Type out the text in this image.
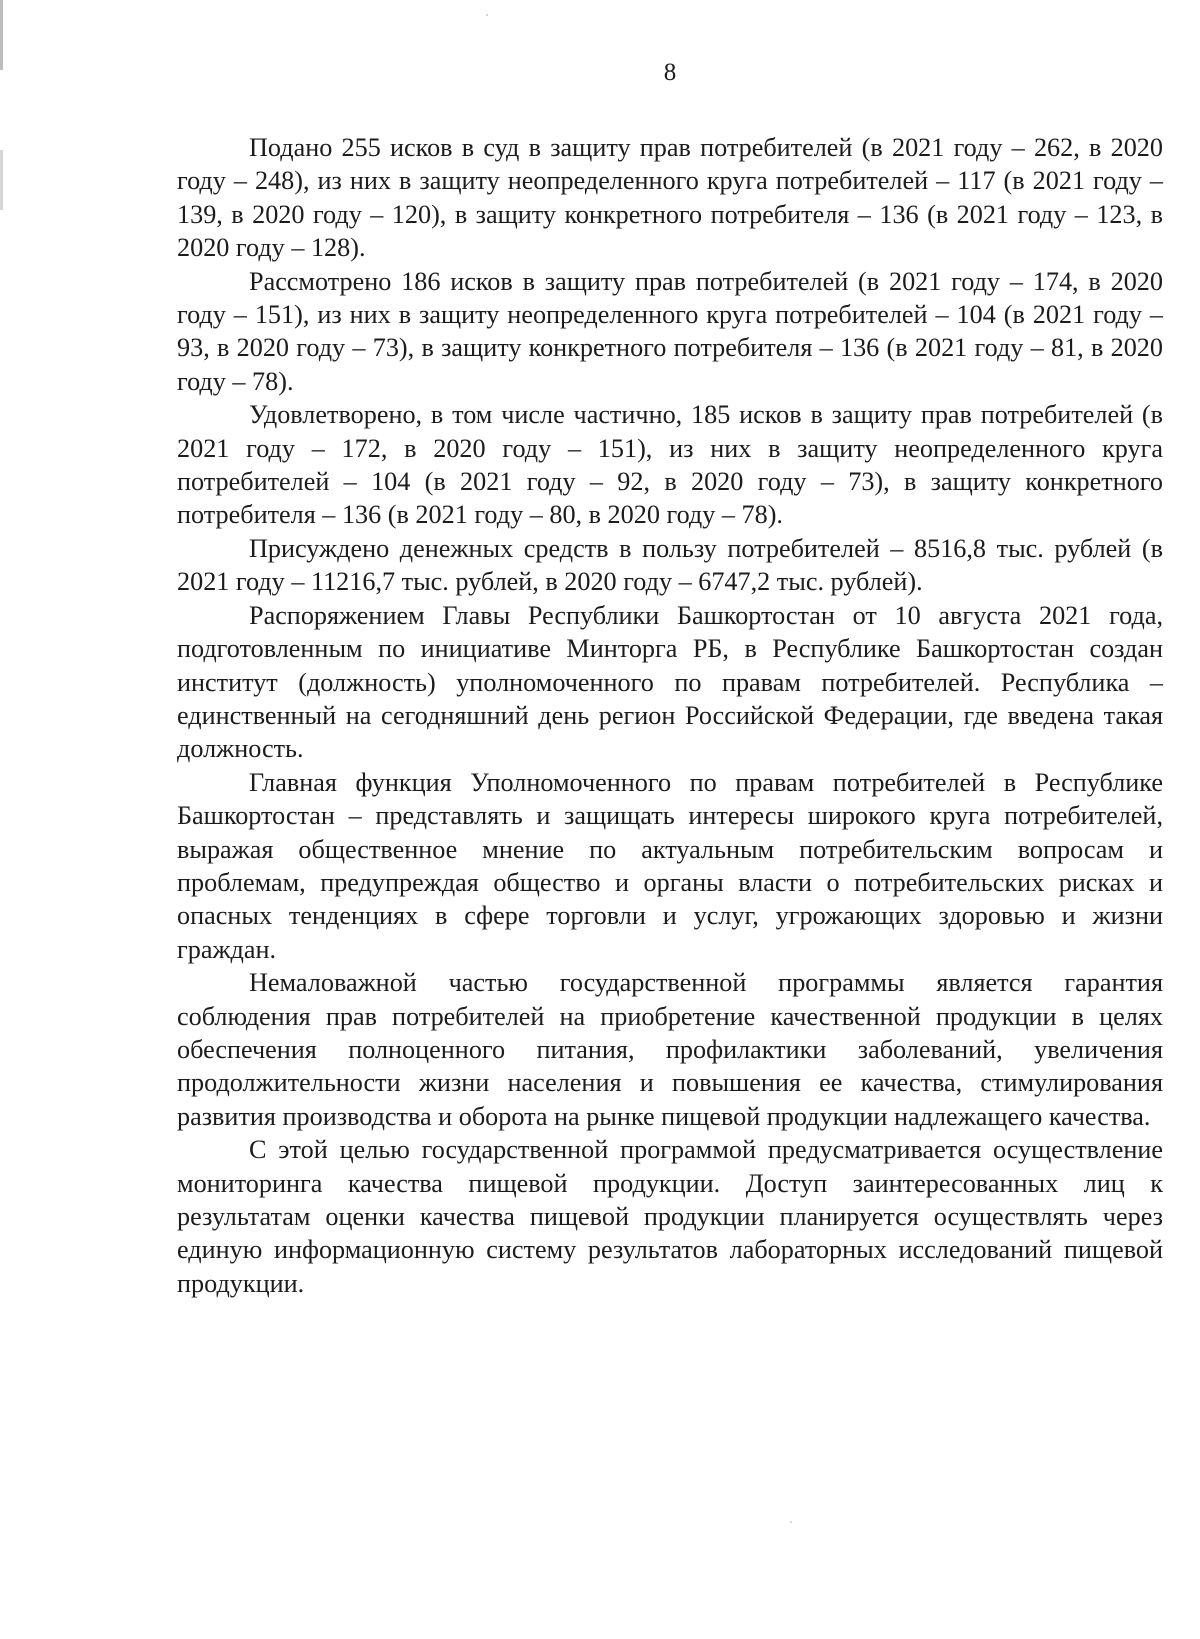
8

Подано 255 исков в суд в защиту прав потребителей (в 2021 году – 262, в 2020 году – 248), из них в защиту неопределенного круга потребителей – 117 (в 2021 году – 139, в 2020 году – 120), в защиту конкретного потребителя – 136 (в 2021 году – 123, в 2020 году – 128).

Рассмотрено 186 исков в защиту прав потребителей (в 2021 году – 174, в 2020 году – 151), из них в защиту неопределенного круга потребителей – 104 (в 2021 году – 93, в 2020 году – 73), в защиту конкретного потребителя – 136 (в 2021 году – 81, в 2020 году – 78).

Удовлетворено, в том числе частично, 185 исков в защиту прав потребителей (в 2021 году – 172, в 2020 году – 151), из них в защиту неопределенного круга потребителей – 104 (в 2021 году – 92, в 2020 году – 73), в защиту конкретного потребителя – 136 (в 2021 году – 80, в 2020 году – 78).

Присуждено денежных средств в пользу потребителей – 8516,8 тыс. рублей (в 2021 году – 11216,7 тыс. рублей, в 2020 году – 6747,2 тыс. рублей).

Распоряжением Главы Республики Башкортостан от 10 августа 2021 года, подготовленным по инициативе Минторга РБ, в Республике Башкортостан создан институт (должность) уполномоченного по правам потребителей. Республика – единственный на сегодняшний день регион Российской Федерации, где введена такая должность.

Главная функция Уполномоченного по правам потребителей в Республике Башкортостан – представлять и защищать интересы широкого круга потребителей, выражая общественное мнение по актуальным потребительским вопросам и проблемам, предупреждая общество и органы власти о потребительских рисках и опасных тенденциях в сфере торговли и услуг, угрожающих здоровью и жизни граждан.

Немаловажной частью государственной программы является гарантия соблюдения прав потребителей на приобретение качественной продукции в целях обеспечения полноценного питания, профилактики заболеваний, увеличения продолжительности жизни населения и повышения ее качества, стимулирования развития производства и оборота на рынке пищевой продукции надлежащего качества.

С этой целью государственной программой предусматривается осуществление мониторинга качества пищевой продукции. Доступ заинтересованных лиц к результатам оценки качества пищевой продукции планируется осуществлять через единую информационную систему результатов лабораторных исследований пищевой продукции.
